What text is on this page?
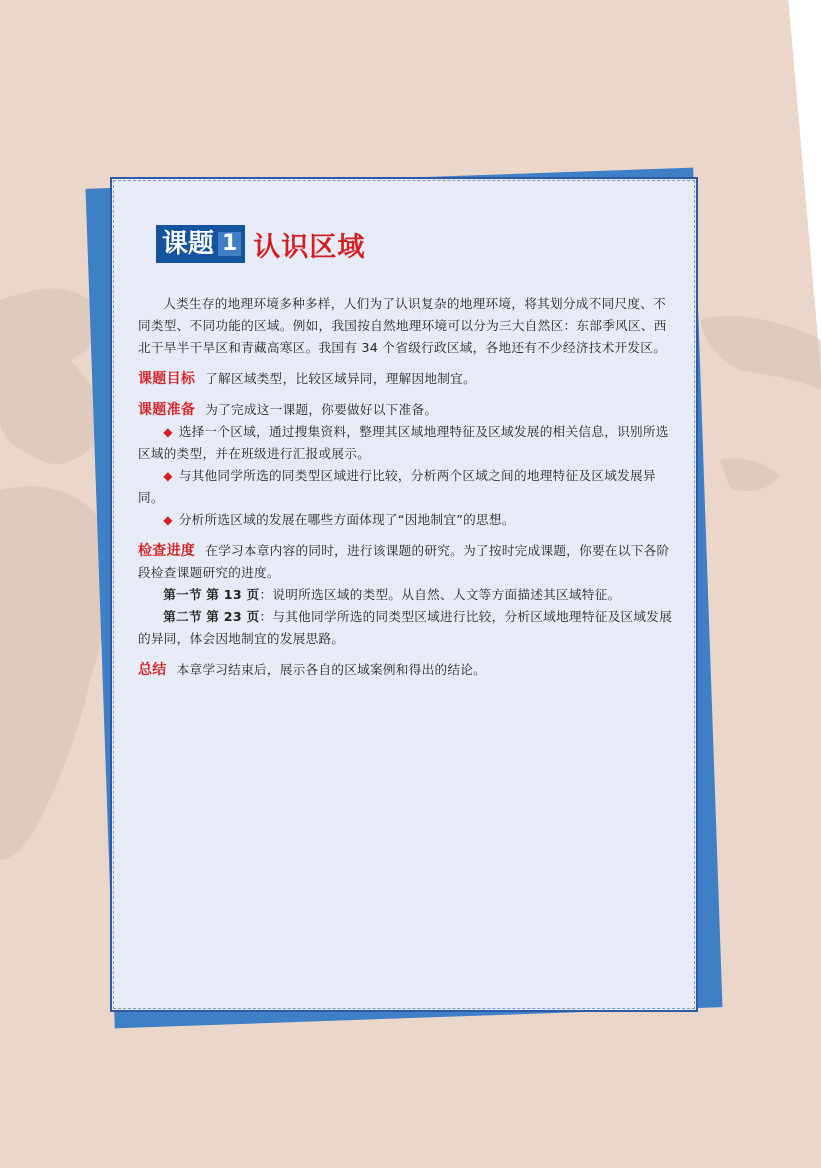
课题 1 认识区域

人类生存的地理环境多种多样，人们为了认识复杂的地理环境，将其划分成不同尺度、不同类型、不同功能的区域。例如，我国按自然地理环境可以分为三大自然区：东部季风区、西北干旱半干旱区和青藏高寒区。我国有 34 个省级行政区域，各地还有不少经济技术开发区。

课题目标 了解区域类型，比较区域异同，理解因地制宜。

课题准备 为了完成这一课题，你要做好以下准备。

◆ 选择一个区域，通过搜集资料，整理其区域地理特征及区域发展的相关信息，识别所选区域的类型，并在班级进行汇报或展示。

◆ 与其他同学所选的同类型区域进行比较，分析两个区域之间的地理特征及区域发展异同。

◆ 分析所选区域的发展在哪些方面体现了“因地制宜”的思想。

检查进度 在学习本章内容的同时，进行该课题的研究。为了按时完成课题，你要在以下各阶段检查课题研究的进度。

第一节 第 13 页：说明所选区域的类型。从自然、人文等方面描述其区域特征。

第二节 第 23 页：与其他同学所选的同类型区域进行比较，分析区域地理特征及区域发展的异同，体会因地制宜的发展思路。

总结 本章学习结束后，展示各自的区域案例和得出的结论。
